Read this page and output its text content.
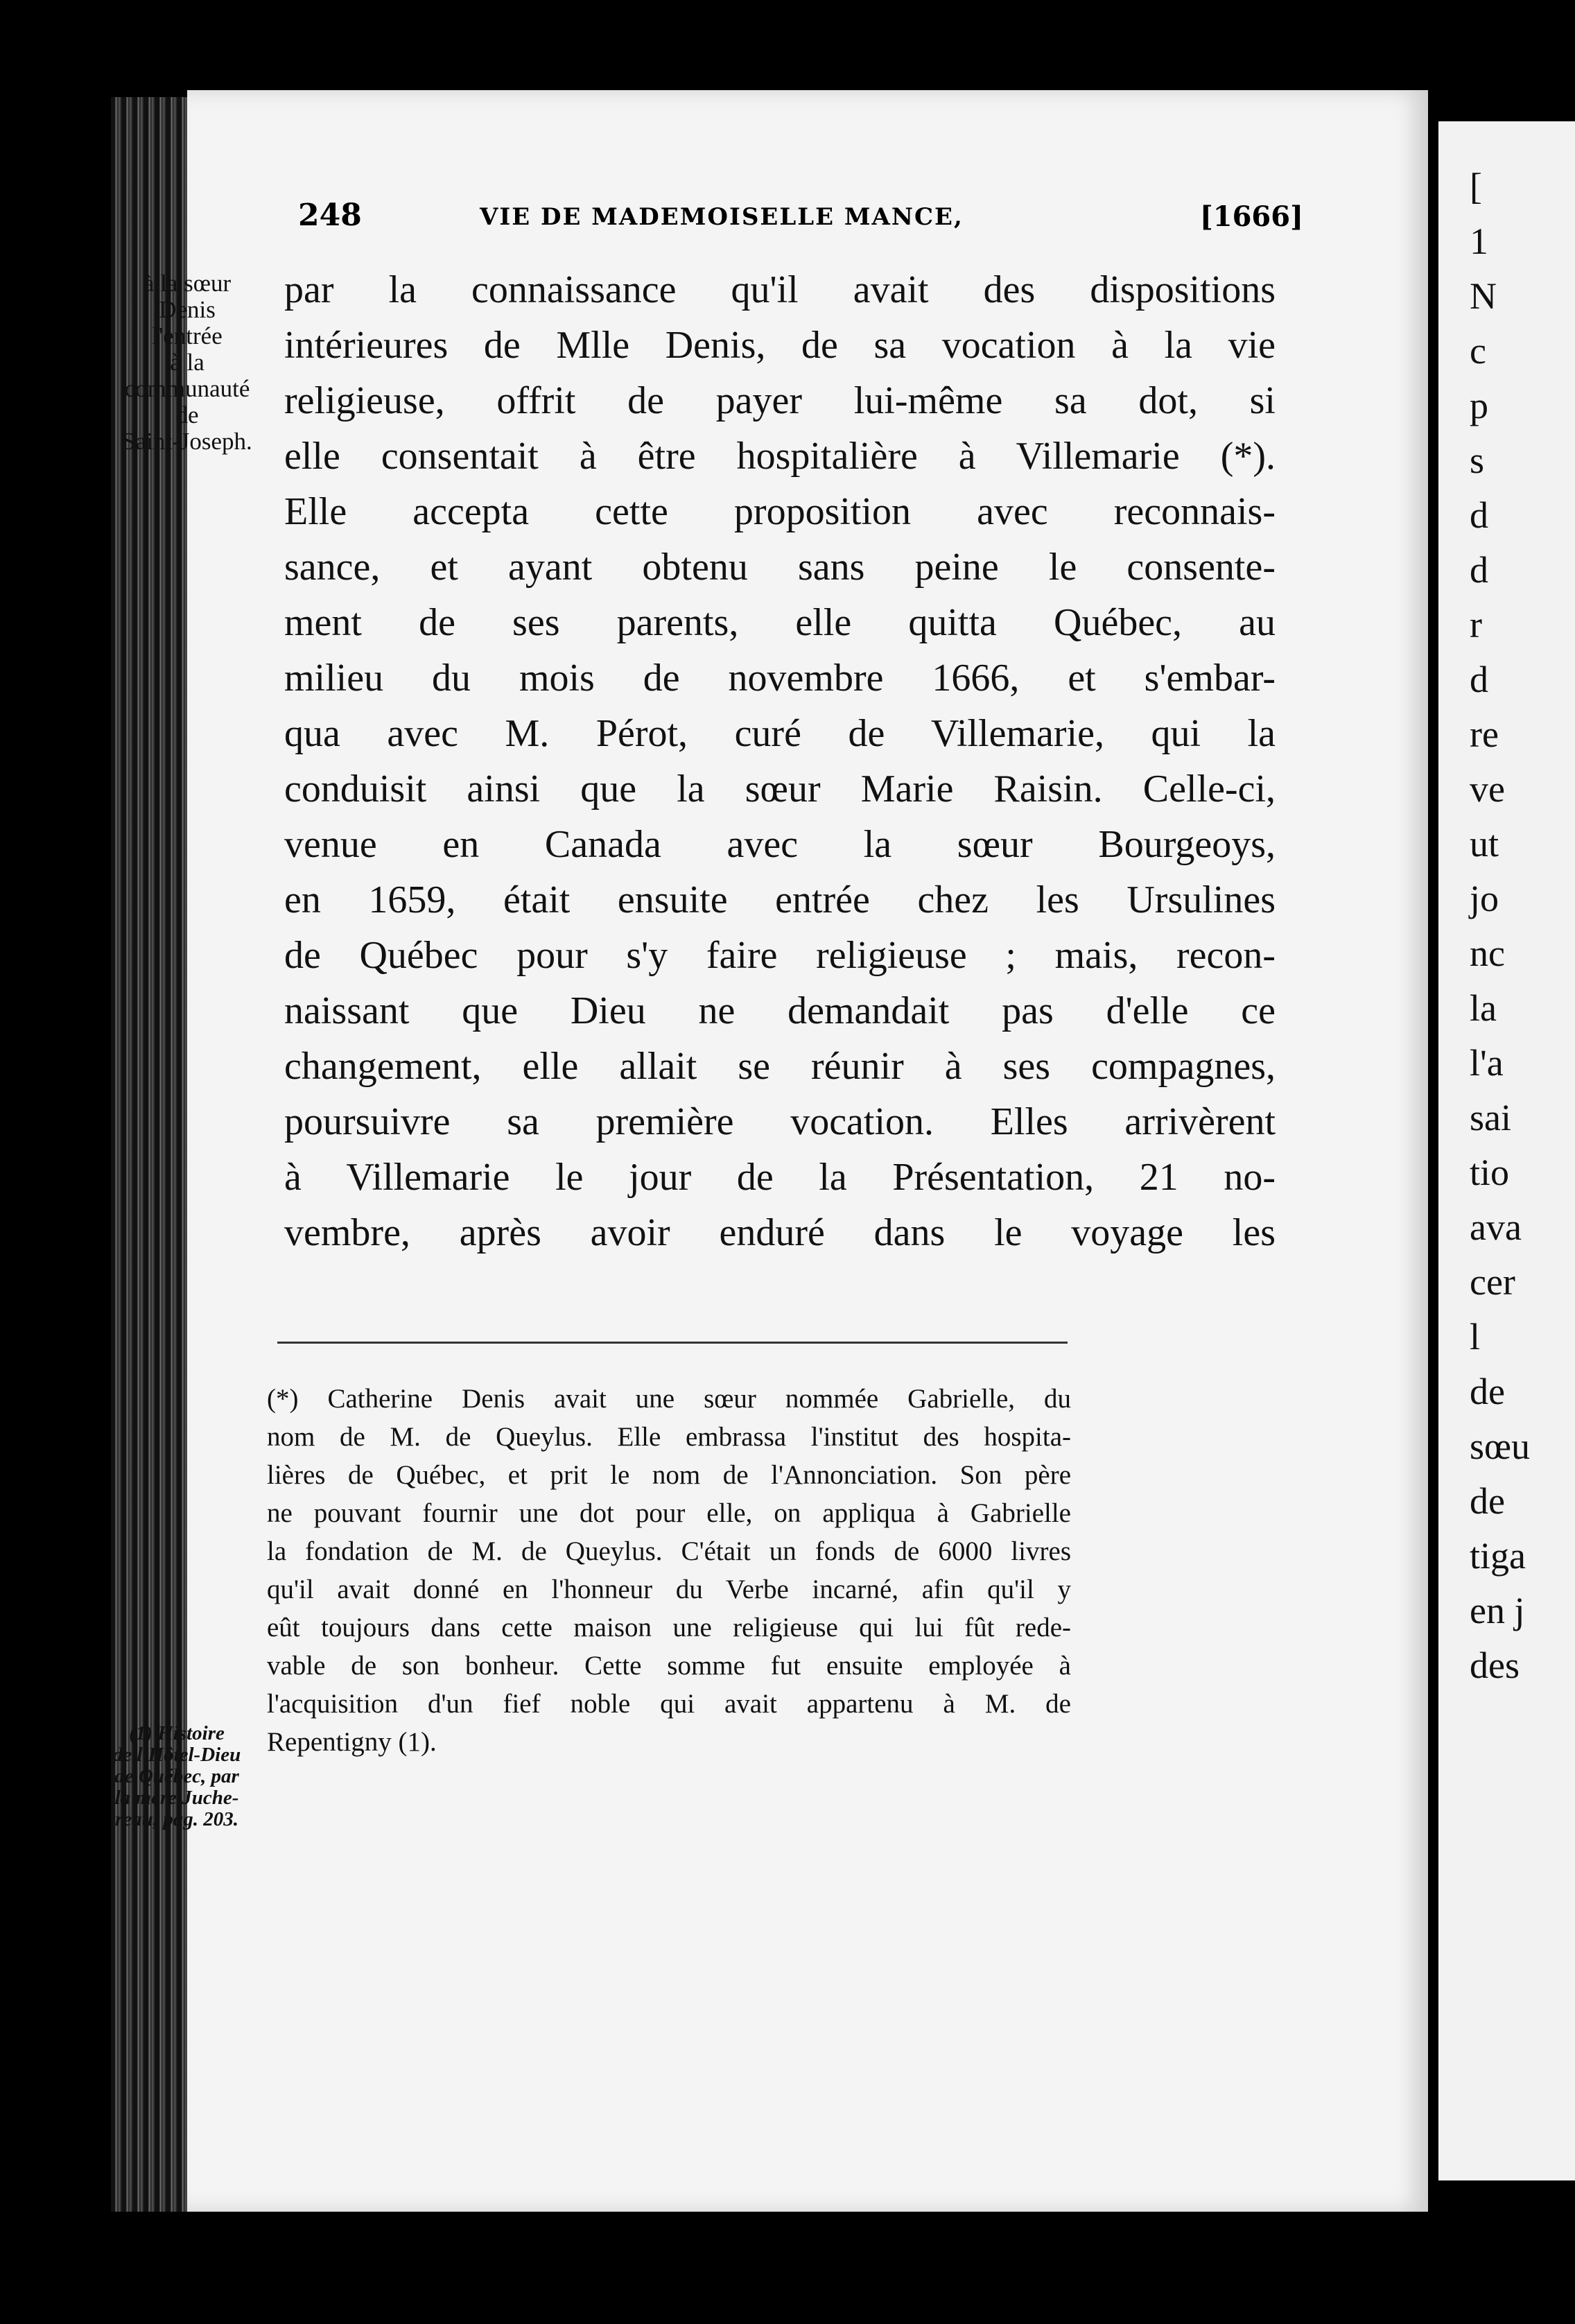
248	VIE DE MADEMOISELLE MANCE,	[1666]
à la sœur
Denis
l'entrée
à la
communauté
de
Saint-Joseph.

par la connaissance qu'il avait des dispositions
intérieures de Mlle Denis, de sa vocation à la vie
religieuse, offrit de payer lui-même sa dot, si
elle consentait à être hospitalière à Villemarie (*).
Elle accepta cette proposition avec reconnais-
sance, et ayant obtenu sans peine le consente-
ment de ses parents, elle quitta Québec, au
milieu du mois de novembre 1666, et s'embar-
qua avec M. Pérot, curé de Villemarie, qui la
conduisit ainsi que la sœur Marie Raisin. Celle-ci,
venue en Canada avec la sœur Bourgeoys,
en 1659, était ensuite entrée chez les Ursulines
de Québec pour s'y faire religieuse ; mais, recon-
naissant que Dieu ne demandait pas d'elle ce
changement, elle allait se réunir à ses compagnes,
poursuivre sa première vocation. Elles arrivèrent
à Villemarie le jour de la Présentation, 21 no-
vembre, après avoir enduré dans le voyage les
(*) Catherine Denis avait une sœur nommée Gabrielle, du
nom de M. de Queylus. Elle embrassa l'institut des hospita-
lières de Québec, et prit le nom de l'Annonciation. Son père
ne pouvant fournir une dot pour elle, on appliqua à Gabrielle
la fondation de M. de Queylus. C'était un fonds de 6000 livres
qu'il avait donné en l'honneur du Verbe incarné, afin qu'il y
eût toujours dans cette maison une religieuse qui lui fût rede-
vable de son bonheur. Cette somme fut ensuite employée à
l'acquisition d'un fief noble qui avait appartenu à M. de
Repentigny (1).
(1) Histoire
de l'Hôtel-Dieu
de Québec, par
la mère Juche-
reau, pag. 203.

[
1
N
c
p
s
d
d
r
d
re
ve
ut
jo
nc
la
l'a
sai
tio
ava
cer
l
de
sœu
de
tiga
en j
des
